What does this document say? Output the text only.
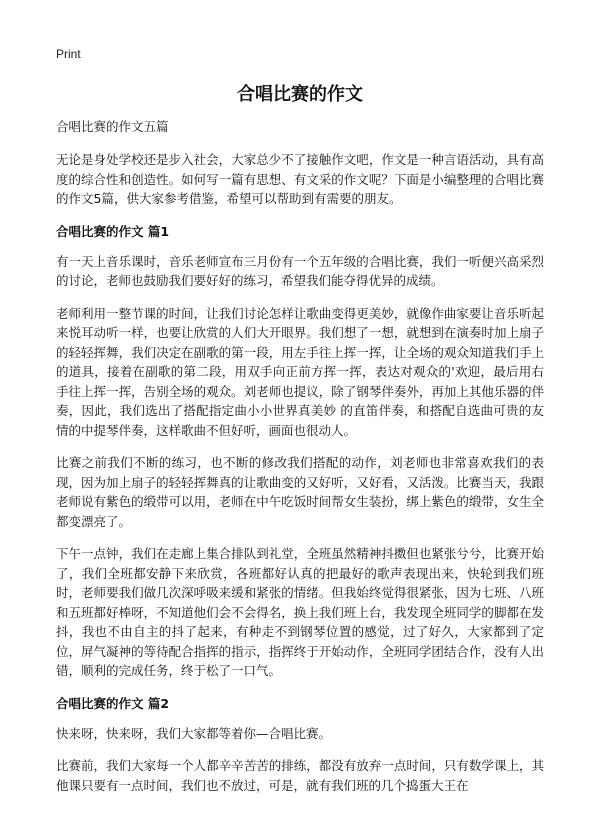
Print
合唱比赛的作文

合唱比赛的作文五篇

无论是身处学校还是步入社会，大家总少不了接触作文吧，作文是一种言语活动，具有高度的综合性和创造性。如何写一篇有思想、有文采的作文呢？下面是小编整理的合唱比赛的作文5篇，供大家参考借鉴，希望可以帮助到有需要的朋友。

合唱比赛的作文 篇1

有一天上音乐课时，音乐老师宣布三月份有一个五年级的合唱比赛，我们一听便兴高采烈的讨论，老师也鼓励我们要好好的练习，希望我们能夺得优异的成绩。

老师利用一整节课的时间，让我们讨论怎样让歌曲变得更美妙，就像作曲家要让音乐听起来悦耳动听一样，也要让欣赏的人们大开眼界。我们想了一想，就想到在演奏时加上扇子的轻轻挥舞，我们决定在副歌的第一段，用左手往上挥一挥，让全场的观众知道我们手上的道具，接着在副歌的第二段，用双手向正前方挥一挥，表达对观众的'欢迎，最后用右手往上挥一挥，告别全场的观众。刘老师也提议，除了钢琴伴奏外，再加上其他乐器的伴奏，因此，我们选出了搭配指定曲小小世界真美妙 的直笛伴奏，和搭配自选曲可贵的友情的中提琴伴奏，这样歌曲不但好听，画面也很动人。

比赛之前我们不断的练习，也不断的修改我们搭配的动作，刘老师也非常喜欢我们的表现，因为加上扇子的轻轻挥舞真的让歌曲变的又好听，又好看，又活泼。比赛当天，我跟老师说有紫色的缎带可以用，老师在中午吃饭时间帮女生装扮，绑上紫色的缎带，女生全都变漂亮了。

下午一点钟，我们在走廊上集合排队到礼堂，全班虽然精神抖擞但也紧张兮兮，比赛开始了，我们全班都安静下来欣赏，各班都好认真的把最好的歌声表现出来，快轮到我们班时，老师要我们做几次深呼吸来缓和紧张的情绪。但我始终觉得很紧张，因为七班、八班和五班都好棒呀，不知道他们会不会得名，换上我们班上台，我发现全班同学的脚都在发抖，我也不由自主的抖了起来，有种走不到钢琴位置的感觉，过了好久，大家都到了定位，屏气凝神的等待配合指挥的指示，指挥终于开始动作，全班同学团结合作，没有人出错，顺利的完成任务，终于松了一口气。

合唱比赛的作文 篇2

快来呀，快来呀，我们大家都等着你—合唱比赛。

比赛前，我们大家每一个人都辛辛苦苦的排练，都没有放弃一点时间，只有数学课上，其他课只要有一点时间，我们也不放过，可是，就有我们班的几个捣蛋大王在
